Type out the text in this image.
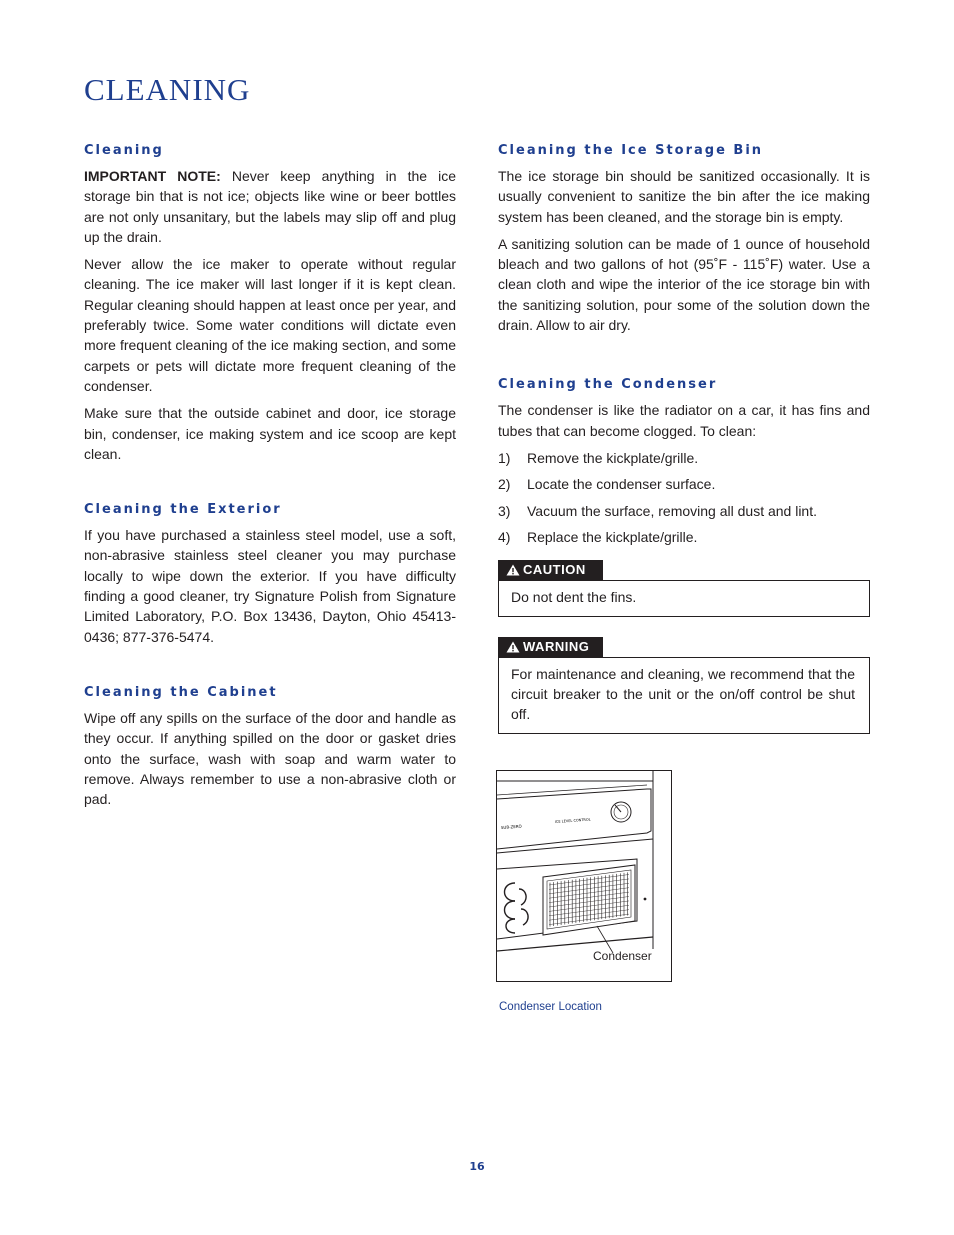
CLEANING
Cleaning

IMPORTANT NOTE: Never keep anything in the ice storage bin that is not ice; objects like wine or beer bottles are not only unsanitary, but the labels may slip off and plug up the drain.

Never allow the ice maker to operate without regular cleaning. The ice maker will last longer if it is kept clean. Regular cleaning should happen at least once per year, and preferably twice. Some water conditions will dictate even more frequent cleaning of the ice making section, and some carpets or pets will dictate more frequent cleaning of the condenser.

Make sure that the outside cabinet and door, ice storage bin, condenser, ice making system and ice scoop are kept clean.

Cleaning the Exterior

If you have purchased a stainless steel model, use a soft, non-abrasive stainless steel cleaner you may purchase locally to wipe down the exterior. If you have difficulty finding a good cleaner, try Signature Polish from Signature Limited Laboratory, P.O. Box 13436, Dayton, Ohio 45413-0436; 877-376-5474.

Cleaning the Cabinet

Wipe off any spills on the surface of the door and handle as they occur. If anything spilled on the door or gasket dries onto the surface, wash with soap and warm water to remove. Always remember to use a non-abrasive cloth or pad.

Cleaning the Ice Storage Bin

The ice storage bin should be sanitized occasionally. It is usually convenient to sanitize the bin after the ice making system has been cleaned, and the storage bin is empty.

A sanitizing solution can be made of 1 ounce of household bleach and two gallons of hot (95˚F - 115˚F) water. Use a clean cloth and wipe the interior of the ice storage bin with the sanitizing solution, pour some of the solution down the drain. Allow to air dry.

Cleaning the Condenser

The condenser is like the radiator on a car, it has fins and tubes that can become clogged. To clean:

1)	Remove the kickplate/grille.
2)	Locate the condenser surface.
3)	Vacuum the surface, removing all dust and lint.
4)	Replace the kickplate/grille.
CAUTION

Do not dent the fins.

WARNING

For maintenance and cleaning, we recommend that the circuit breaker to the unit or the on/off control be shut off.

SUB-ZERO
ICE LEVEL CONTROL
Condenser
Condenser Location
16
